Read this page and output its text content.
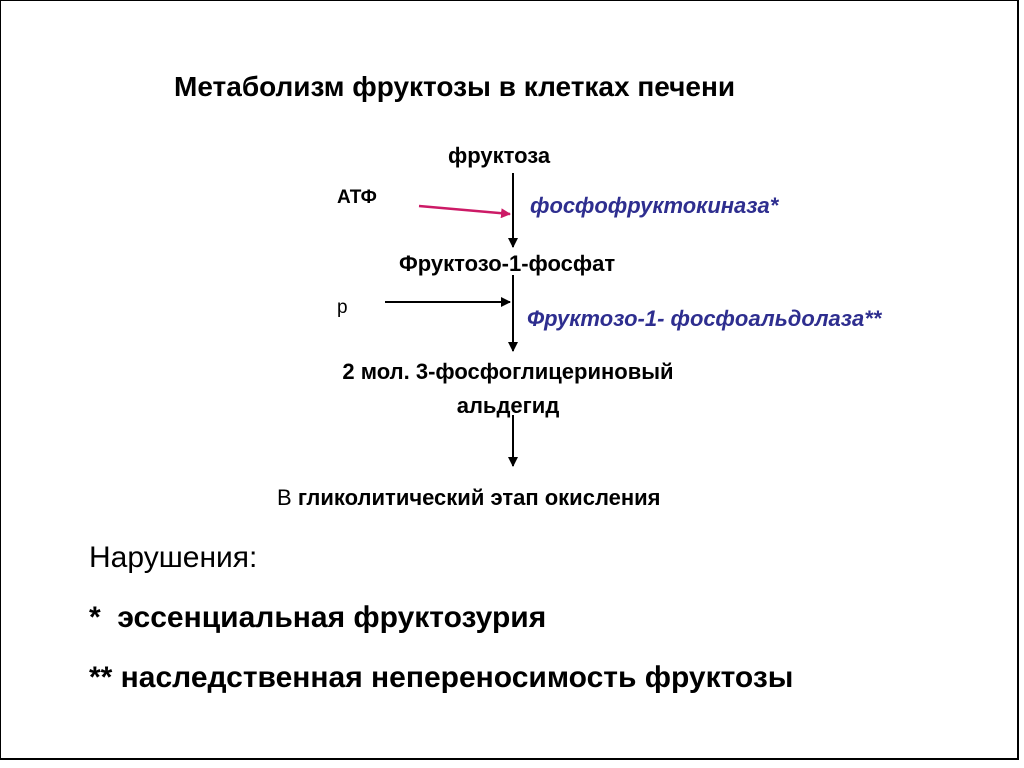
Метаболизм фруктозы в клетках печени
фруктоза
АТФ	фосфофруктокиназа*
Фруктозо-1-фосфат
р	Фруктозо-1- фосфоальдолаза**
2 мол. 3-фосфоглицериновый
альдегид
В гликолитический этап окисления
Нарушения:
*  эссенциальная фруктозурия
** наследственная непереносимость фруктозы
